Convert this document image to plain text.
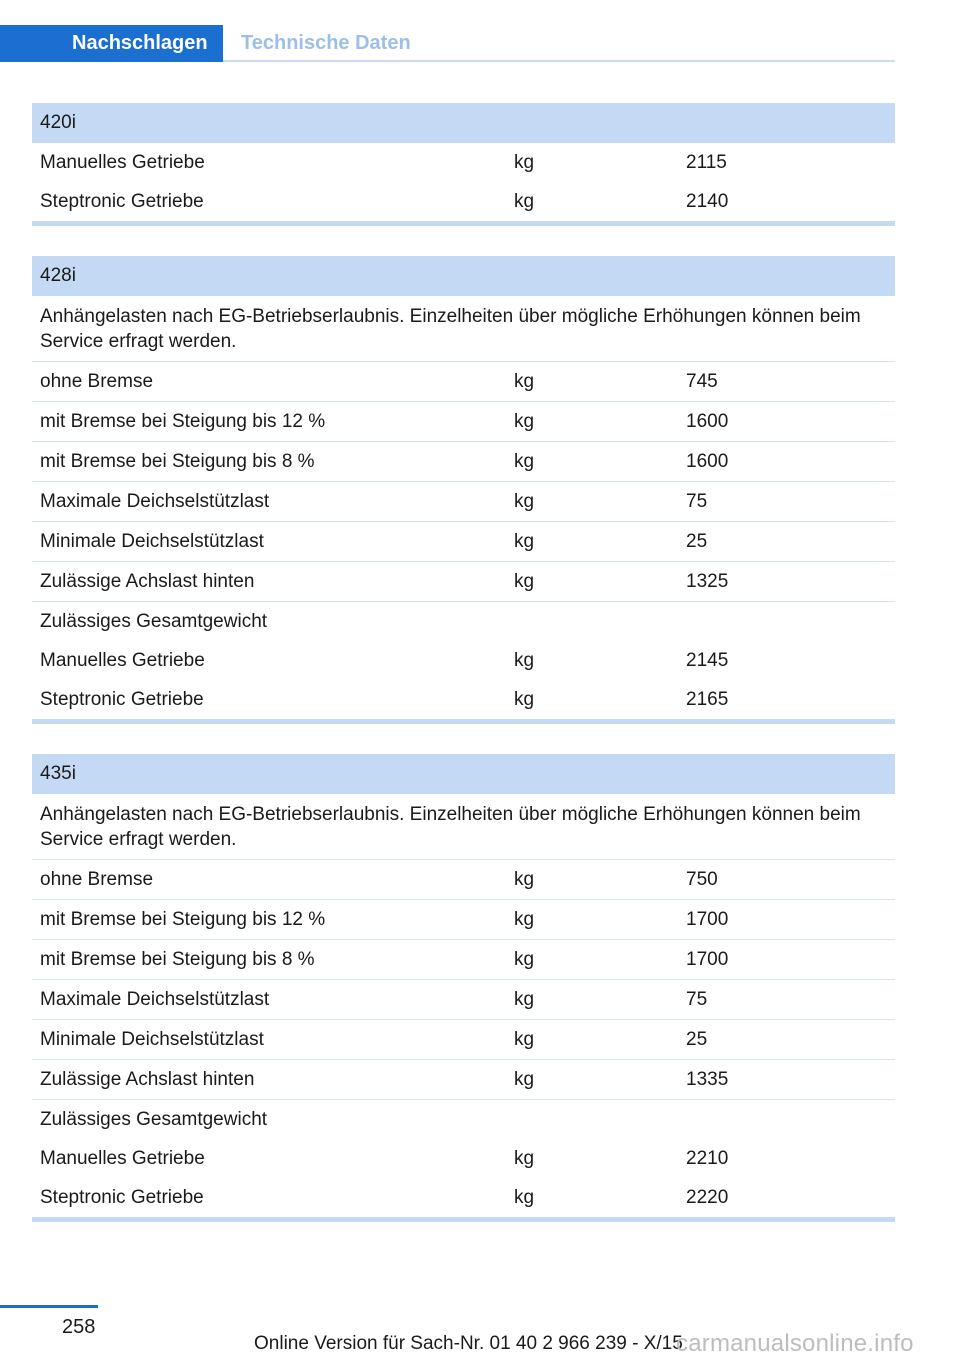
Nachschlagen	Technische Daten
420i
Manuelles Getriebe	kg	2115
Steptronic Getriebe	kg	2140
428i
Anhängelasten nach EG-Betriebserlaubnis. Einzelheiten über mögliche Erhöhungen können beim Service erfragt werden.
ohne Bremse	kg	745
mit Bremse bei Steigung bis 12 %	kg	1600
mit Bremse bei Steigung bis 8 %	kg	1600
Maximale Deichselstützlast	kg	75
Minimale Deichselstützlast	kg	25
Zulässige Achslast hinten	kg	1325
Zulässiges Gesamtgewicht
Manuelles Getriebe	kg	2145
Steptronic Getriebe	kg	2165
435i
Anhängelasten nach EG-Betriebserlaubnis. Einzelheiten über mögliche Erhöhungen können beim Service erfragt werden.
ohne Bremse	kg	750
mit Bremse bei Steigung bis 12 %	kg	1700
mit Bremse bei Steigung bis 8 %	kg	1700
Maximale Deichselstützlast	kg	75
Minimale Deichselstützlast	kg	25
Zulässige Achslast hinten	kg	1335
Zulässiges Gesamtgewicht
Manuelles Getriebe	kg	2210
Steptronic Getriebe	kg	2220
258
Online Version für Sach-Nr. 01 40 2 966 239 - X/15
carmanualsonline.info
